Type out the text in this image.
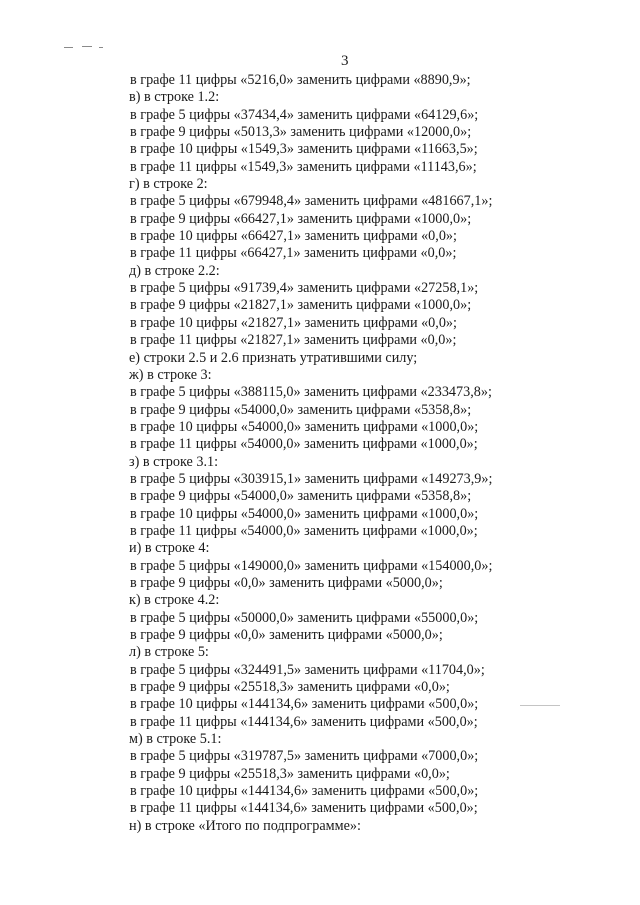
3
в графе 11 цифры «5216,0» заменить цифрами «8890,9»;
в) в строке 1.2:
в графе 5 цифры «37434,4» заменить цифрами «64129,6»;
в графе 9 цифры «5013,3» заменить цифрами «12000,0»;
в графе 10 цифры «1549,3» заменить цифрами «11663,5»;
в графе 11 цифры «1549,3» заменить цифрами «11143,6»;
г) в строке 2:
в графе 5 цифры «679948,4» заменить цифрами «481667,1»;
в графе 9 цифры «66427,1» заменить цифрами «1000,0»;
в графе 10 цифры «66427,1» заменить цифрами «0,0»;
в графе 11 цифры «66427,1» заменить цифрами «0,0»;
д) в строке 2.2:
в графе 5 цифры «91739,4» заменить цифрами «27258,1»;
в графе 9 цифры «21827,1» заменить цифрами «1000,0»;
в графе 10 цифры «21827,1» заменить цифрами «0,0»;
в графе 11 цифры «21827,1» заменить цифрами «0,0»;
е) строки 2.5 и 2.6 признать утратившими силу;
ж) в строке 3:
в графе 5 цифры «388115,0» заменить цифрами «233473,8»;
в графе 9 цифры «54000,0» заменить цифрами «5358,8»;
в графе 10 цифры «54000,0» заменить цифрами «1000,0»;
в графе 11 цифры «54000,0» заменить цифрами «1000,0»;
з) в строке 3.1:
в графе 5 цифры «303915,1» заменить цифрами «149273,9»;
в графе 9 цифры «54000,0» заменить цифрами «5358,8»;
в графе 10 цифры «54000,0» заменить цифрами «1000,0»;
в графе 11 цифры «54000,0» заменить цифрами «1000,0»;
и) в строке 4:
в графе 5 цифры «149000,0» заменить цифрами «154000,0»;
в графе 9 цифры «0,0» заменить цифрами «5000,0»;
к) в строке 4.2:
в графе 5 цифры «50000,0» заменить цифрами «55000,0»;
в графе 9 цифры «0,0» заменить цифрами «5000,0»;
л) в строке 5:
в графе 5 цифры «324491,5» заменить цифрами «11704,0»;
в графе 9 цифры «25518,3» заменить цифрами «0,0»;
в графе 10 цифры «144134,6» заменить цифрами «500,0»;
в графе 11 цифры «144134,6» заменить цифрами «500,0»;
м) в строке 5.1:
в графе 5 цифры «319787,5» заменить цифрами «7000,0»;
в графе 9 цифры «25518,3» заменить цифрами «0,0»;
в графе 10 цифры «144134,6» заменить цифрами «500,0»;
в графе 11 цифры «144134,6» заменить цифрами «500,0»;
н) в строке «Итого по подпрограмме»:
